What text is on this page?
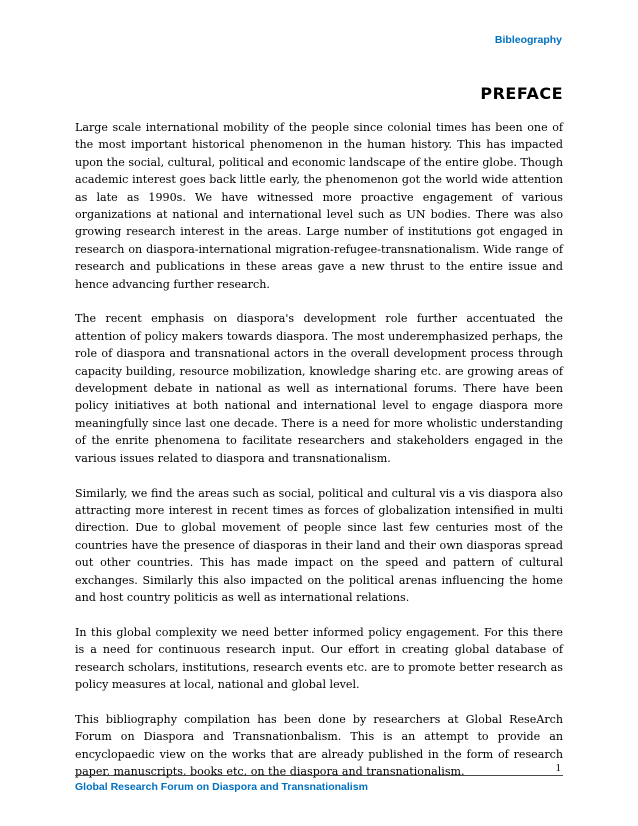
Bibleography
PREFACE

Large scale international mobility of the people since colonial times has been one of the most important historical phenomenon in the human history. This has impacted upon the social, cultural, political and economic landscape of the entire globe. Though academic interest goes back little early, the phenomenon got the world wide attention as late as 1990s. We have witnessed more proactive engagement of various organizations at national and international level such as UN bodies. There was also growing research interest in the areas. Large number of institutions got engaged in research on diaspora-international migration-refugee-transnationalism. Wide range of research and publications in these areas gave a new thrust to the entire issue and hence advancing further research.

The recent emphasis on diaspora's development role further accentuated the attention of policy makers towards diaspora. The most underemphasized perhaps, the role of diaspora and transnational actors in the overall development process through capacity building, resource mobilization, knowledge sharing etc. are growing areas of development debate in national as well as international forums. There have been policy initiatives at both national and international level to engage diaspora more meaningfully since last one decade. There is a need for more wholistic understanding of the enrite phenomena to facilitate researchers and stakeholders engaged in the various issues related to diaspora and transnationalism.

Similarly, we find the areas such as social, political and cultural vis a vis diaspora also attracting more interest in recent times as forces of globalization intensified in multi direction. Due to global movement of people since last few centuries most of the countries have the presence of diasporas in their land and their own diasporas spread out other countries. This has made impact on the speed and pattern of cultural exchanges. Similarly this also impacted on the political arenas influencing the home and host country politicis as well as international relations.

In this global complexity we need better informed policy engagement. For this there is a need for continuous research input. Our effort in creating global database of research scholars, institutions, research events etc. are to promote better research as policy measures at local, national and global level.

This bibliography compilation has been done by researchers at Global ReseArch Forum on Diaspora and Transnationbalism. This is an attempt to provide an encyclopaedic view on the works that are already published in the form of research paper, manuscripts, books etc. on the diaspora and transnationalism.	1
Global Research Forum on Diaspora and Transnationalism
